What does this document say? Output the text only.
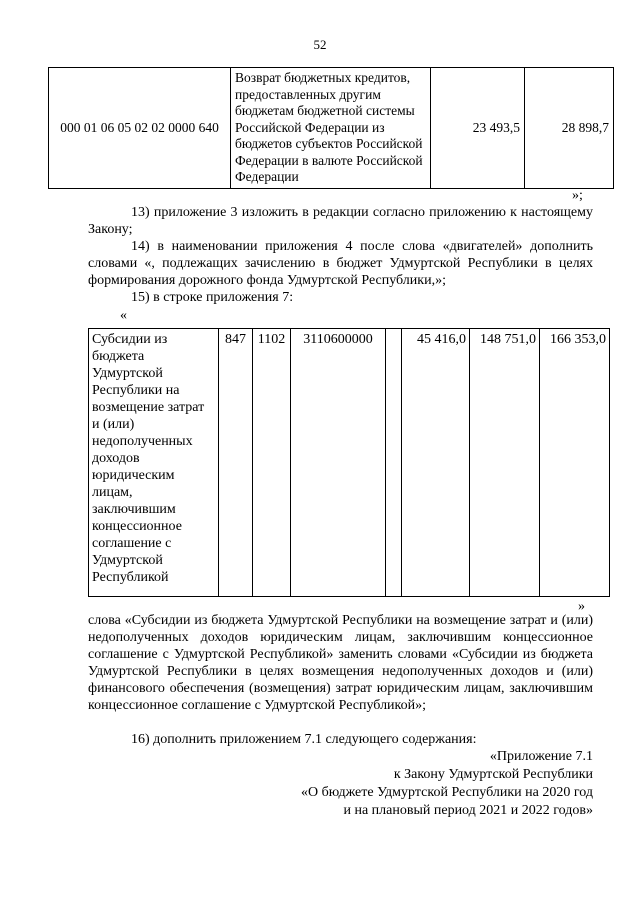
52
000 01 06 05 02 02 0000 640	Возврат бюджетных кредитов, предоставленных другим бюджетам бюджетной системы Российской Федерации из бюджетов субъектов Российской Федерации в валюте Российской Федерации	23 493,5	28 898,7
»;
13) приложение 3 изложить в редакции согласно приложению к настоящему Закону;
14) в наименовании приложения 4 после слова «двигателей» дополнить словами «, подлежащих зачислению в бюджет Удмуртской Республики в целях формирования дорожного фонда Удмуртской Республики,»;
15) в строке приложения 7:
«
Субсидии из бюджета Удмуртской Республики на возмещение затрат и (или) недополученных доходов юридическим лицам, заключившим концессионное соглашение с Удмуртской Республикой	847	1102	3110600000		45 416,0	148 751,0	166 353,0
»
слова «Субсидии из бюджета Удмуртской Республики на возмещение затрат и (или) недополученных доходов юридическим лицам, заключившим концессионное соглашение с Удмуртской Республикой» заменить словами «Субсидии из бюджета Удмуртской Республики в целях возмещения недополученных доходов и (или) финансового обеспечения (возмещения) затрат юридическим лицам, заключившим концессионное соглашение с Удмуртской Республикой»;
16) дополнить приложением 7.1 следующего содержания:
«Приложение 7.1
к Закону Удмуртской Республики
«О бюджете Удмуртской Республики на 2020 год
и на плановый период 2021 и 2022 годов»
